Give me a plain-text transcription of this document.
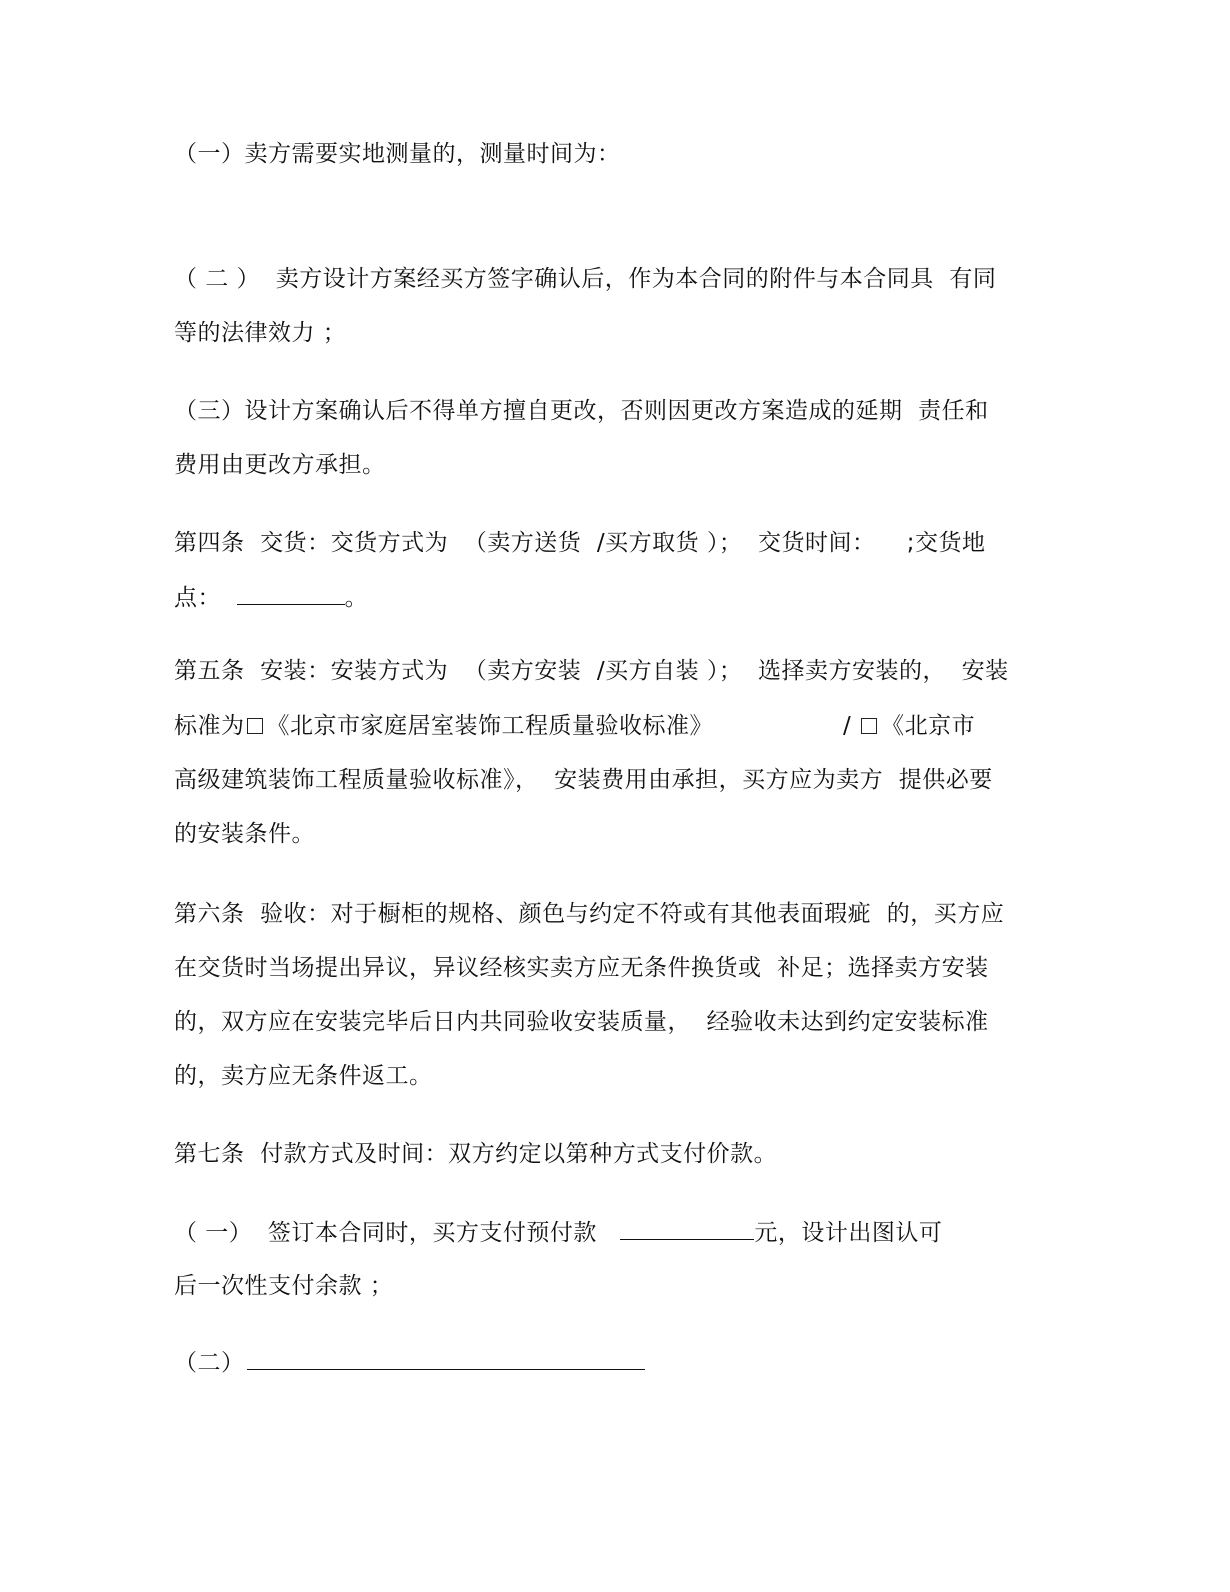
（一）卖方需要实地测量的，测量时间为：
（ 二 ）  卖方设计方案经买方签字确认后，作为本合同的附件与本合同具  有同
等的法律效力 ；
（三）设计方案确认后不得单方擅自更改，否则因更改方案造成的延期  责任和
费用由更改方承担。
第四条  交货：交货方式为  （卖方送货  /买方取货 ）；  交货时间：    ;交货地
点：	。
第五条  安装：安装方式为  （卖方安装  /买方自装 ）；  选择卖方安装的，  安装
标准为 《北京市家庭居室装饰工程质量验收标准》	/ 《北京市
高级建筑装饰工程质量验收标准》，  安装费用由承担，买方应为卖方  提供必要
的安装条件。
第六条  验收：对于橱柜的规格、颜色与约定不符或有其他表面瑕疵  的，买方应
在交货时当场提出异议，异议经核实卖方应无条件换货或  补足；选择卖方安装
的，双方应在安装完毕后日内共同验收安装质量，  经验收未达到约定安装标准
的，卖方应无条件返工。
第七条  付款方式及时间：双方约定以第种方式支付价款。
（ 一）  签订本合同时，买方支付预付款	元，设计出图认可
后一次性支付余款 ；
（二）
